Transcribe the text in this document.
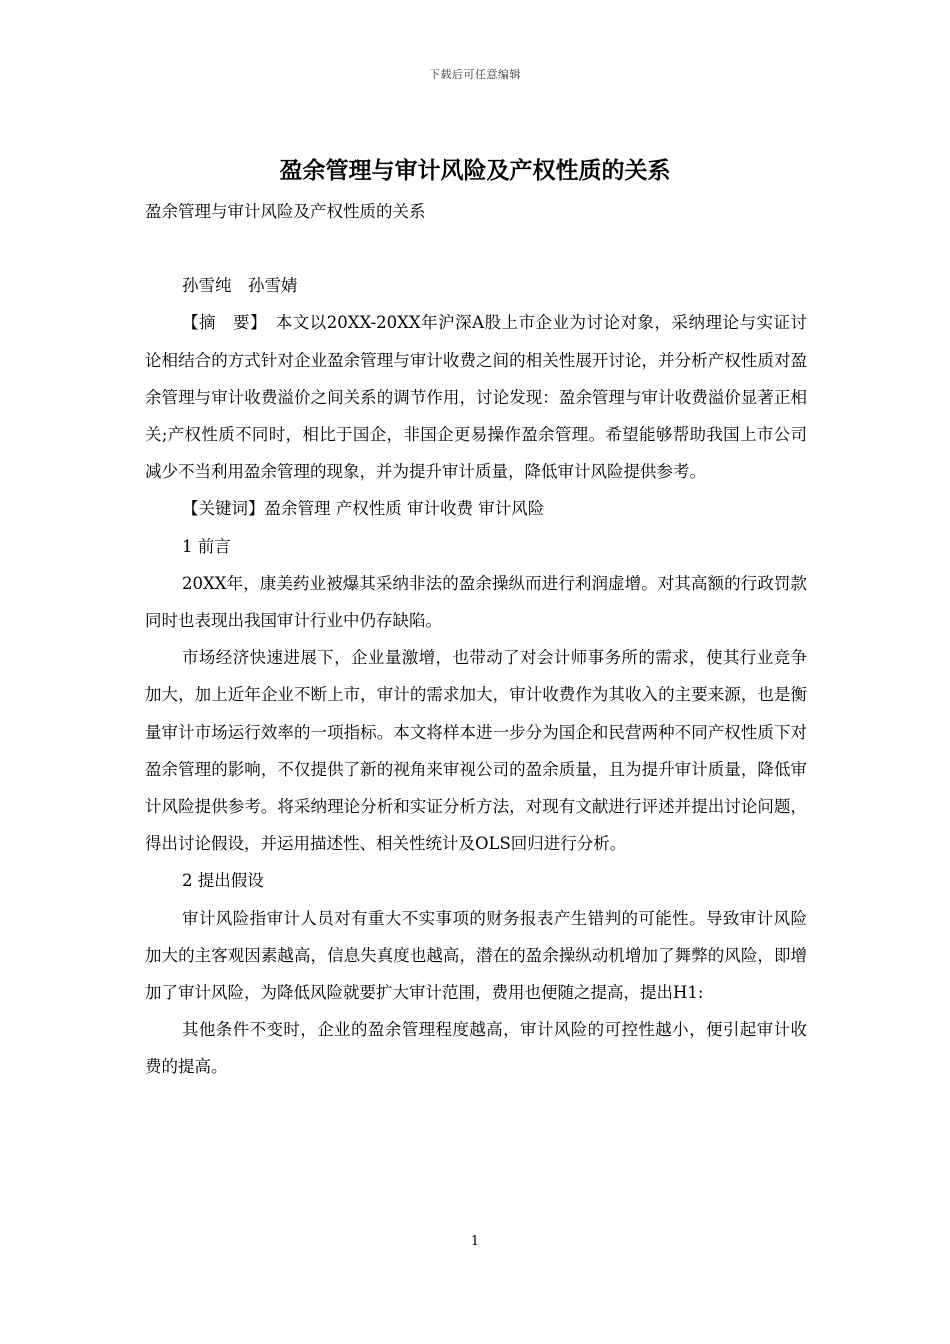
下载后可任意编辑
盈余管理与审计风险及产权性质的关系

盈余管理与审计风险及产权性质的关系

孙雪纯　孙雪婧

【摘　要】　本文以20XX-20XX年沪深A股上市企业为讨论对象，采纳理论与实证讨论相结合的方式针对企业盈余管理与审计收费之间的相关性展开讨论，并分析产权性质对盈余管理与审计收费溢价之间关系的调节作用，讨论发现：盈余管理与审计收费溢价显著正相关;产权性质不同时，相比于国企，非国企更易操作盈余管理。希望能够帮助我国上市公司减少不当利用盈余管理的现象，并为提升审计质量，降低审计风险提供参考。

【关键词】盈余管理 产权性质 审计收费 审计风险

1 前言

20XX年，康美药业被爆其采纳非法的盈余操纵而进行利润虚增。对其高额的行政罚款同时也表现出我国审计行业中仍存缺陷。

市场经济快速进展下，企业量激增，也带动了对会计师事务所的需求，使其行业竞争加大，加上近年企业不断上市，审计的需求加大，审计收费作为其收入的主要来源，也是衡量审计市场运行效率的一项指标。本文将样本进一步分为国企和民营两种不同产权性质下对盈余管理的影响，不仅提供了新的视角来审视公司的盈余质量，且为提升审计质量，降低审计风险提供参考。将采纳理论分析和实证分析方法，对现有文献进行评述并提出讨论问题，得出讨论假设，并运用描述性、相关性统计及OLS回归进行分析。

2 提出假设

审计风险指审计人员对有重大不实事项的财务报表产生错判的可能性。导致审计风险加大的主客观因素越高，信息失真度也越高，潜在的盈余操纵动机增加了舞弊的风险，即增加了审计风险，为降低风险就要扩大审计范围，费用也便随之提高，提出H1:

其他条件不变时，企业的盈余管理程度越高，审计风险的可控性越小，便引起审计收费的提高。

1
